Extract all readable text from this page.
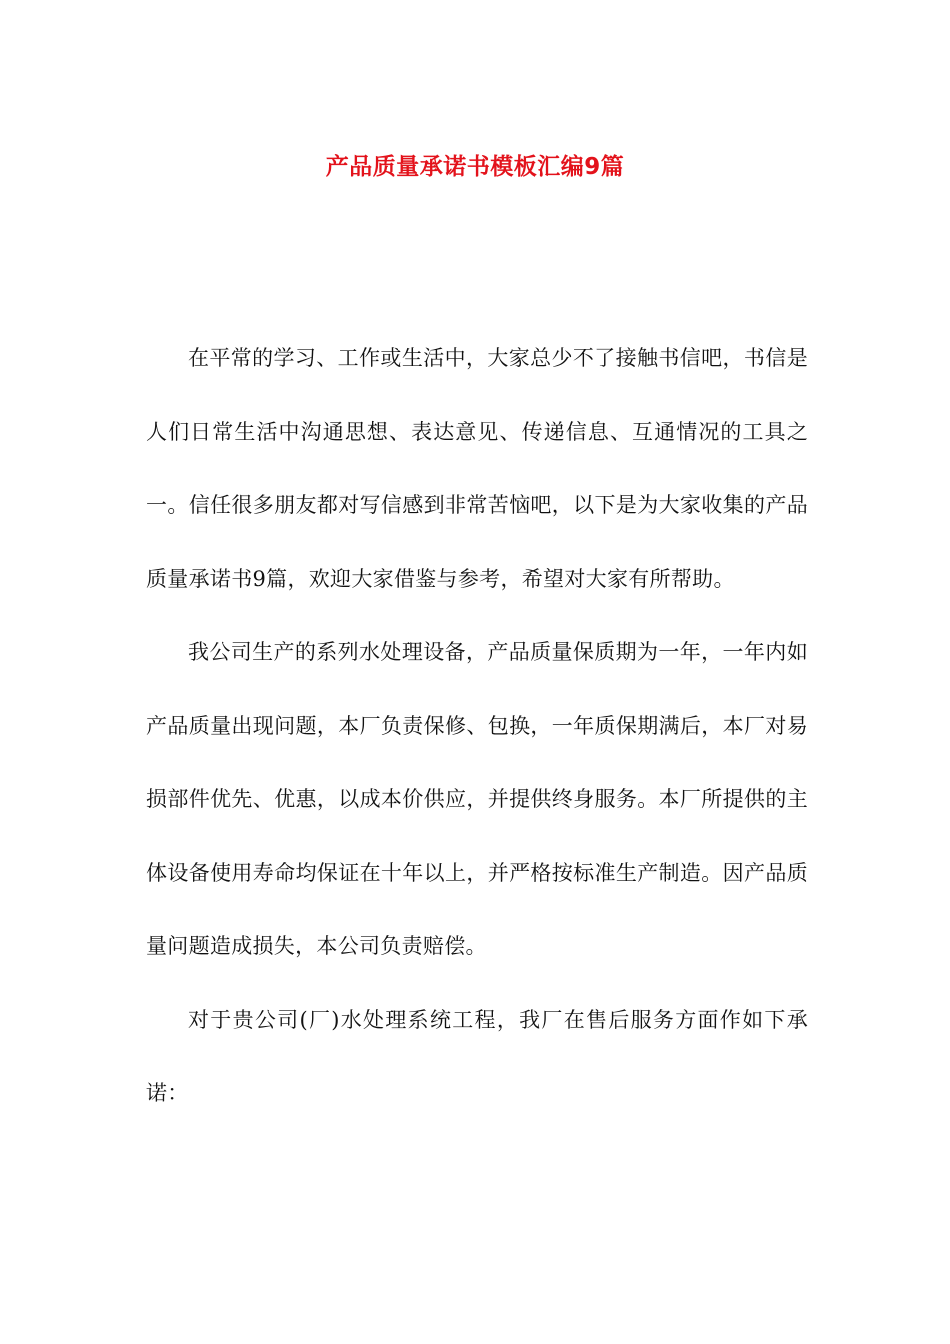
产品质量承诺书模板汇编9篇

在平常的学习、工作或生活中，大家总少不了接触书信吧，书信是人们日常生活中沟通思想、表达意见、传递信息、互通情况的工具之一。信任很多朋友都对写信感到非常苦恼吧，以下是为大家收集的产品质量承诺书9篇，欢迎大家借鉴与参考，希望对大家有所帮助。

我公司生产的系列水处理设备，产品质量保质期为一年，一年内如产品质量出现问题，本厂负责保修、包换，一年质保期满后，本厂对易损部件优先、优惠，以成本价供应，并提供终身服务。本厂所提供的主体设备使用寿命均保证在十年以上，并严格按标准生产制造。因产品质量问题造成损失，本公司负责赔偿。

对于贵公司(厂)水处理系统工程，我厂在售后服务方面作如下承诺：
